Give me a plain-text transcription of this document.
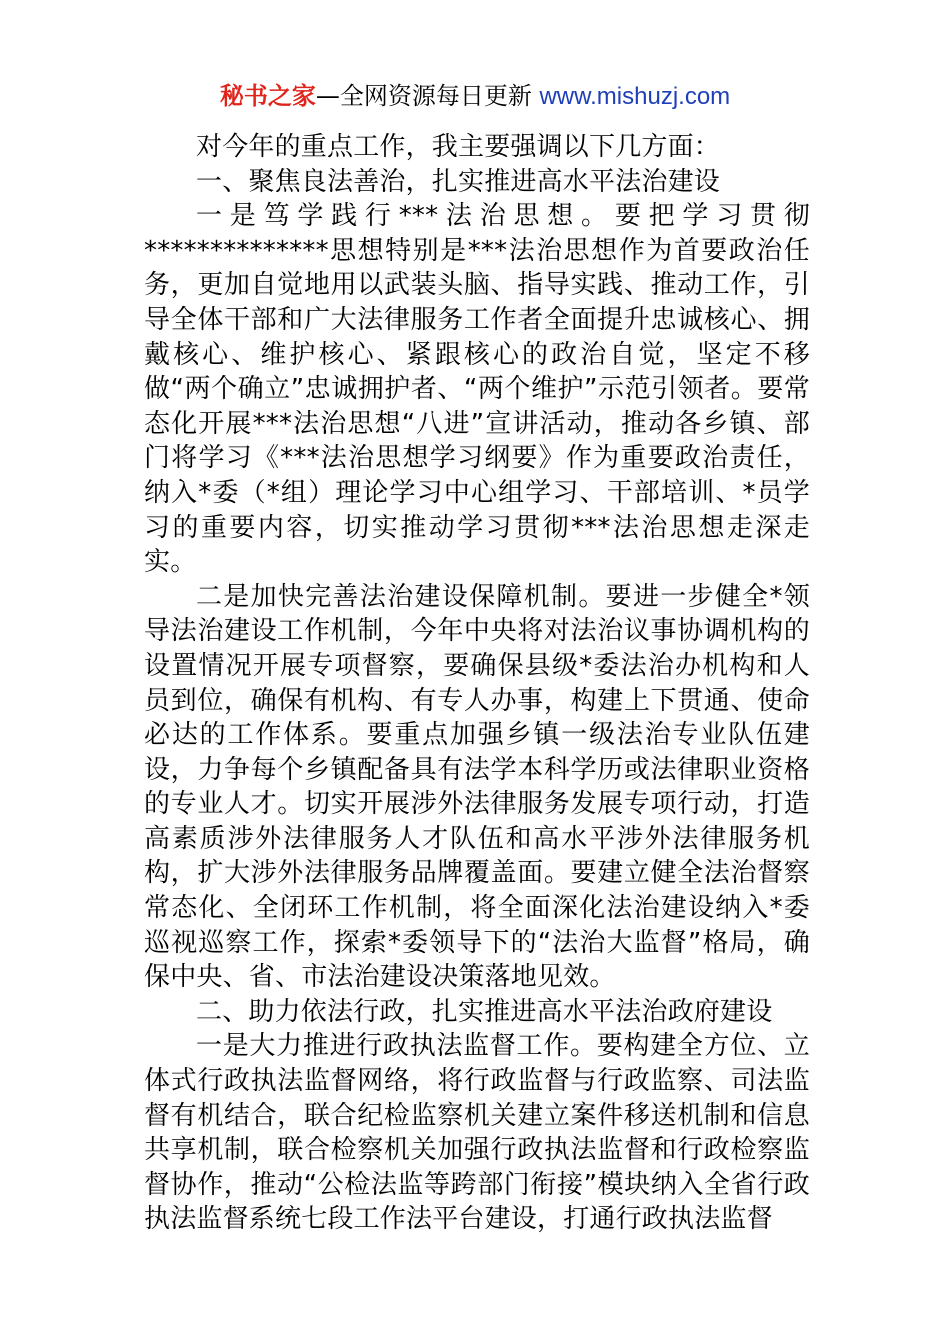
秘书之家—全网资源每日更新 www.mishuzj.com

对今年的重点工作，我主要强调以下几方面：

一、聚焦良法善治，扎实推进高水平法治建设

一是笃学践行***法治思想。要把学习贯彻**************思想特别是***法治思想作为首要政治任务，更加自觉地用以武装头脑、指导实践、推动工作，引导全体干部和广大法律服务工作者全面提升忠诚核心、拥戴核心、维护核心、紧跟核心的政治自觉，坚定不移做“两个确立”忠诚拥护者、“两个维护”示范引领者。要常态化开展***法治思想“八进”宣讲活动，推动各乡镇、部门将学习《***法治思想学习纲要》作为重要政治责任，纳入*委（*组）理论学习中心组学习、干部培训、*员学习的重要内容，切实推动学习贯彻***法治思想走深走实。

二是加快完善法治建设保障机制。要进一步健全*领导法治建设工作机制，今年中央将对法治议事协调机构的设置情况开展专项督察，要确保县级*委法治办机构和人员到位，确保有机构、有专人办事，构建上下贯通、使命必达的工作体系。要重点加强乡镇一级法治专业队伍建设，力争每个乡镇配备具有法学本科学历或法律职业资格的专业人才。切实开展涉外法律服务发展专项行动，打造高素质涉外法律服务人才队伍和高水平涉外法律服务机构，扩大涉外法律服务品牌覆盖面。要建立健全法治督察常态化、全闭环工作机制，将全面深化法治建设纳入*委巡视巡察工作，探索*委领导下的“法治大监督”格局，确保中央、省、市法治建设决策落地见效。

二、助力依法行政，扎实推进高水平法治政府建设

一是大力推进行政执法监督工作。要构建全方位、立体式行政执法监督网络，将行政监督与行政监察、司法监督有机结合，联合纪检监察机关建立案件移送机制和信息共享机制，联合检察机关加强行政执法监督和行政检察监督协作，推动“公检法监等跨部门衔接”模块纳入全省行政执法监督系统七段工作法平台建设，打通行政执法监督
